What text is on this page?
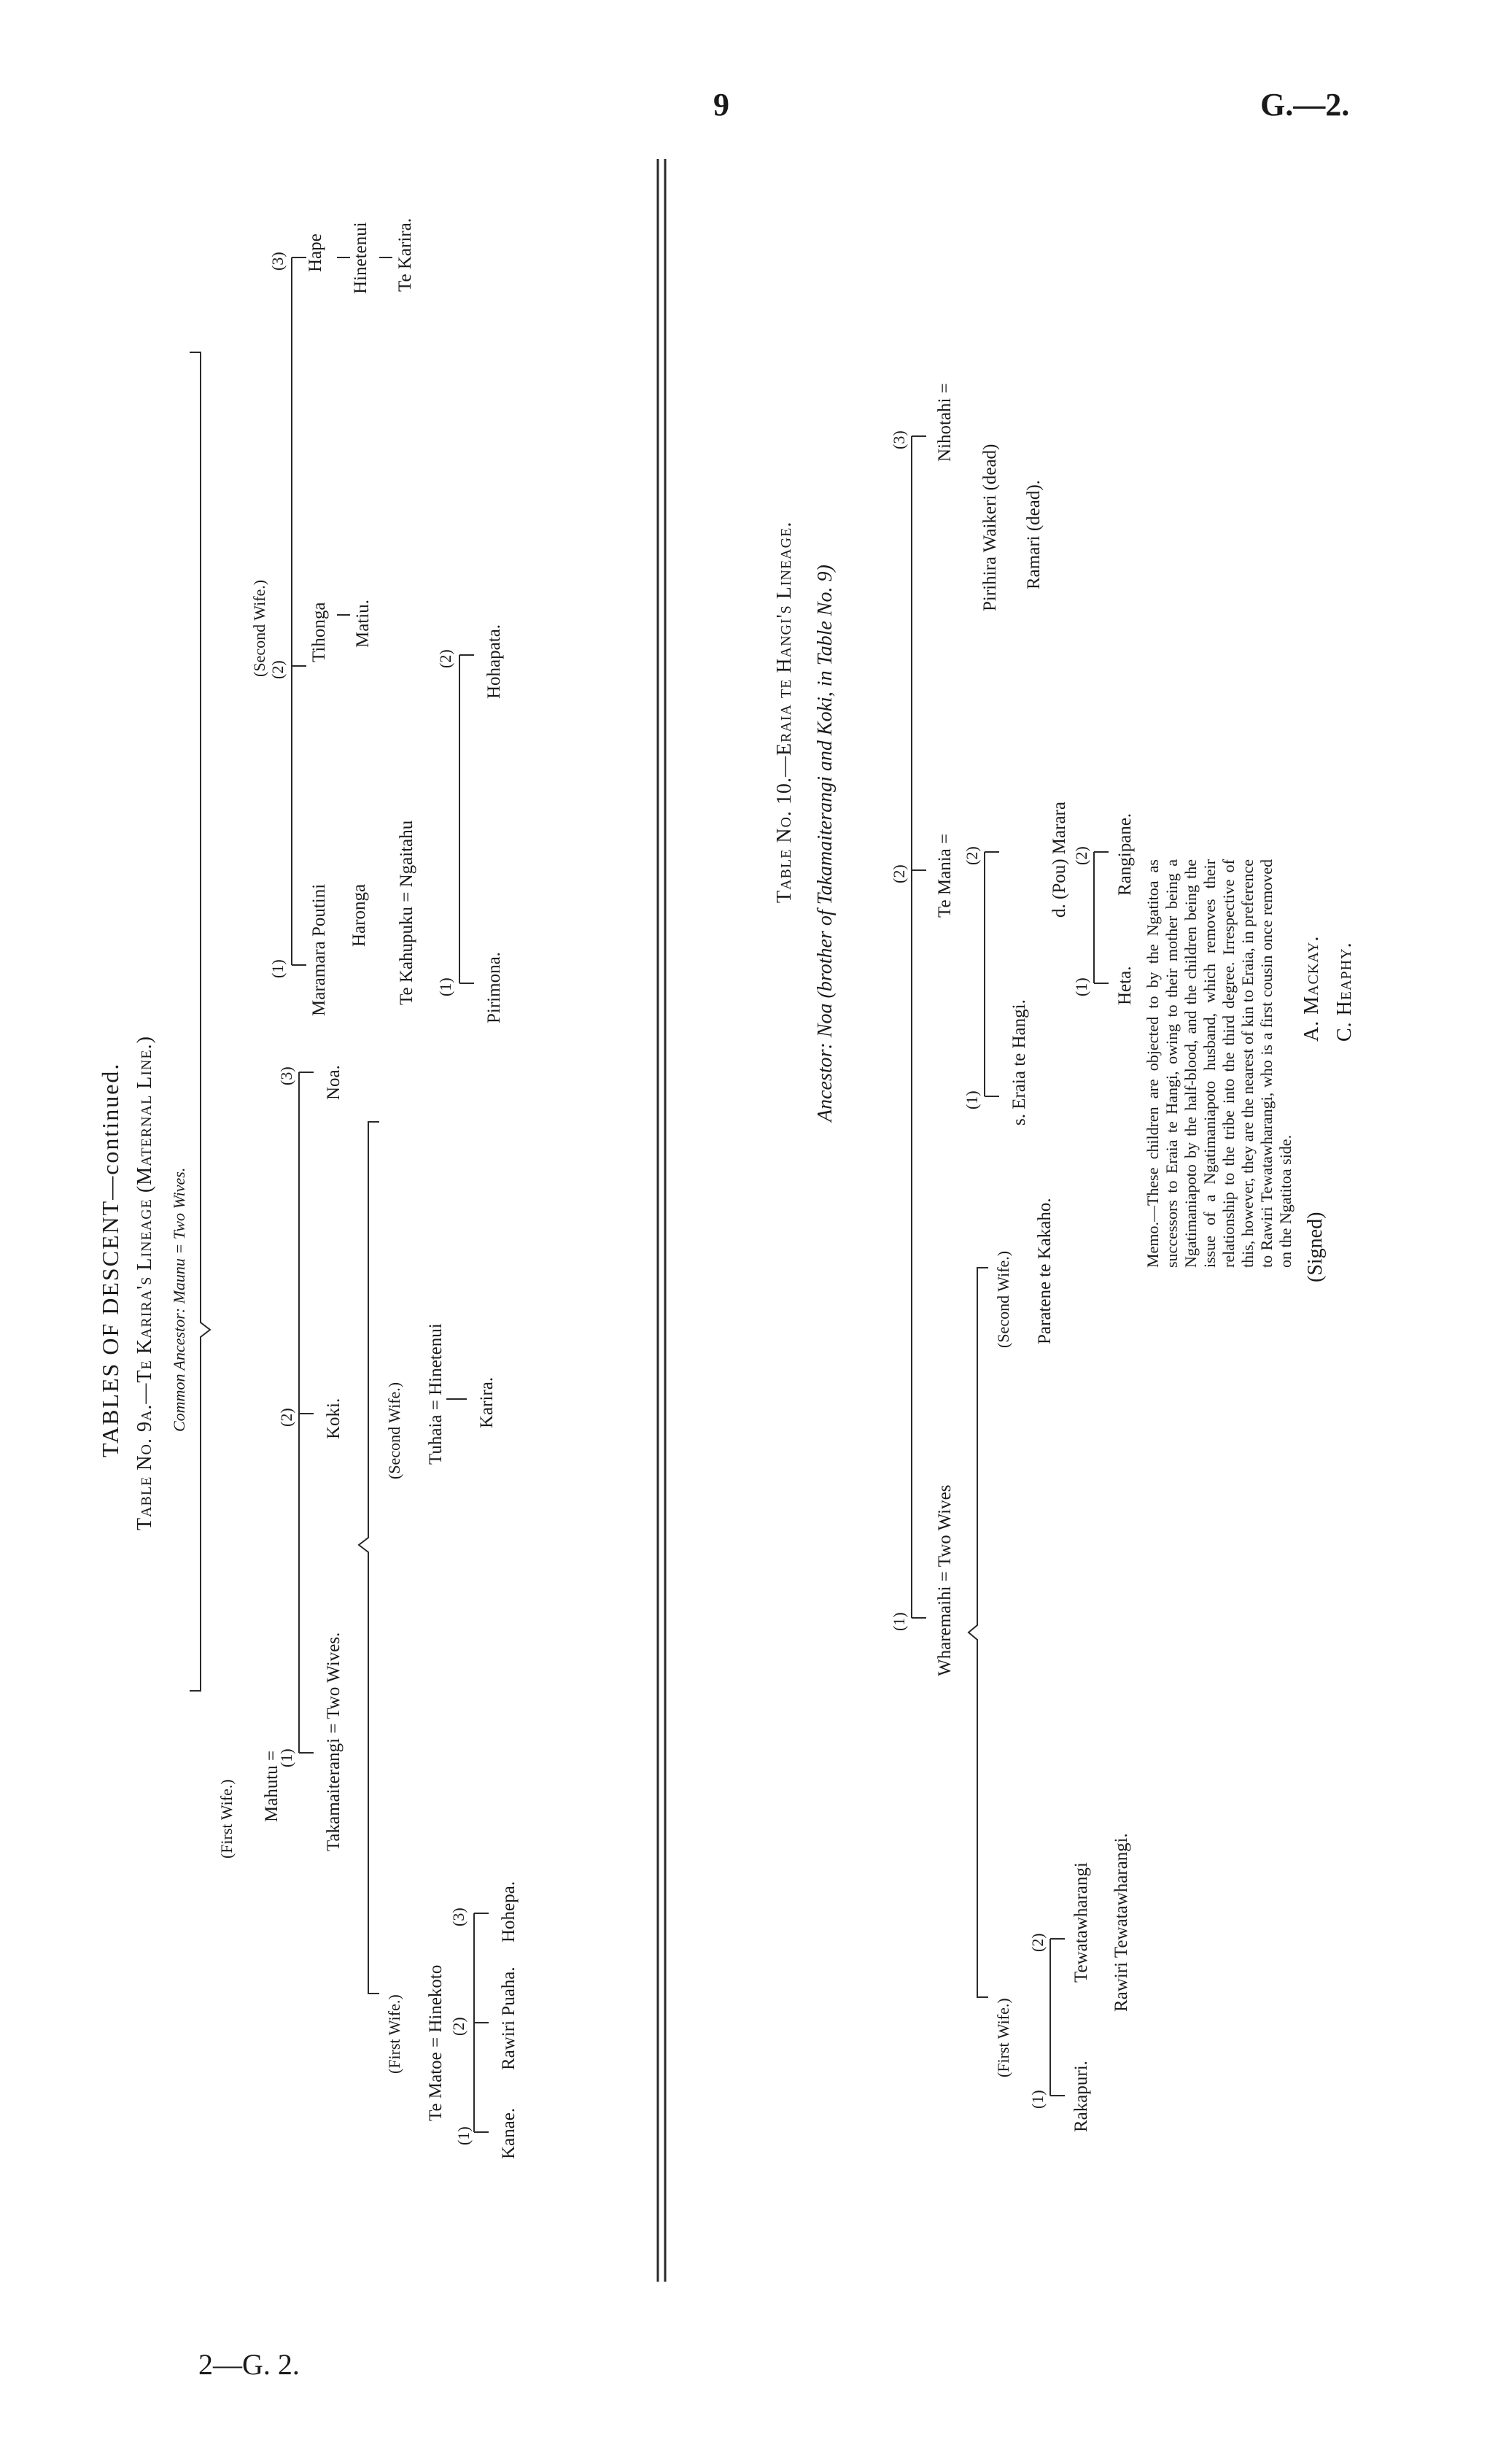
9	G.—2.
2—G. 2.
TABLES OF DESCENT—continued. Table No. 9a.—Te Karira's Lineage (Maternal Line.) Common Ancestor: Maunu = Two Wives.
(First Wife.) Mahutu =
(1)
(2)
(3)
Takamaiterangi = Two Wives.
Koki.
Noa.
(First Wife.)
(Second Wife.)
Te Matoe = Hinekoto
(1)
(2)
(3)
Kanae.
Rawiri Puaha.
Hohepa.
Tuhaia = Hinetenui Karira.
(Second Wife.)
(1)
(2)
(3)
Maramara Poutini Haronga Te Kahupuku = Ngaitahu (1)
(2)
Pirimona.
Hohapata.
Tihonga Matiu.
Hape Hinetenui Te Karira.
Table No. 10.—Eraia te Hangi's Lineage. Ancestor: Noa (brother of Takamaiterangi and Koki, in Table No. 9)
(1)
(2)
(3)
Wharemaihi = Two Wives
(First Wife.)
(Second Wife.)
(1)
(2)
Rakapuri.
Tewatawharangi Rawiri Tewatawharangi.
Paratene te Kakaho.
Te Mania =
(1)
(2)
s. Eraia te Hangi.
d. (Pou) Marara
(1)
(2)
Heta.
Rangipane.
Nihotahi =
Pirihira Waikeri (dead) Ramari (dead).
Memo.—These children are objected to by the Ngatitoa as successors to Eraia te Hangi, owing to their mother being a Ngatimaniapoto by the half-blood, and the children being the issue of a Ngatimaniapoto husband, which removes their relationship to the tribe into the third degree. Irrespective of this, however, they are the nearest of kin to Eraia, in preference to Rawiri Tewatawharangi, who is a first cousin once removed on the Ngatitoa side. (Signed)
A. Mackay. C. Heaphy.
